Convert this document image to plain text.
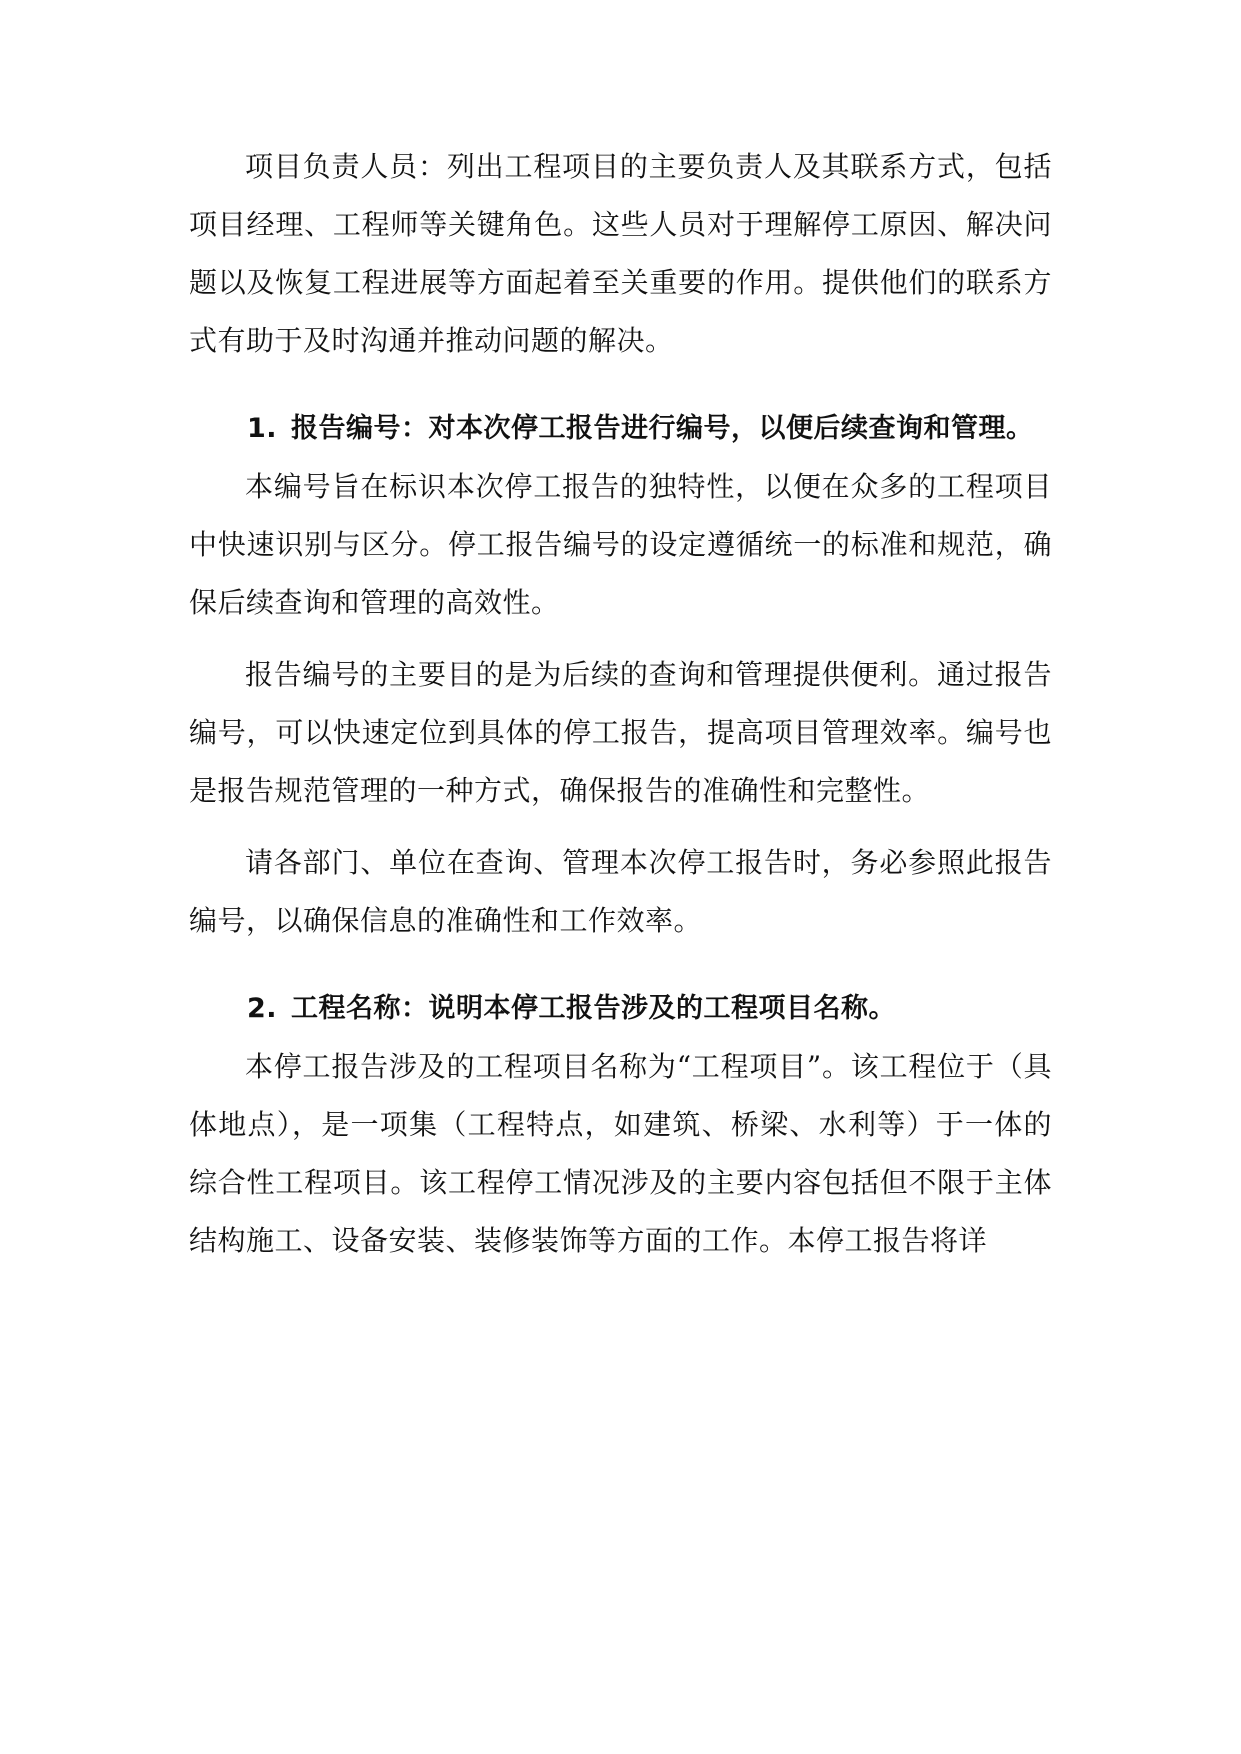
项目负责人员：列出工程项目的主要负责人及其联系方式，包括项目经理、工程师等关键角色。这些人员对于理解停工原因、解决问题以及恢复工程进展等方面起着至关重要的作用。提供他们的联系方式有助于及时沟通并推动问题的解决。

1. 报告编号：对本次停工报告进行编号，以便后续查询和管理。

本编号旨在标识本次停工报告的独特性，以便在众多的工程项目中快速识别与区分。停工报告编号的设定遵循统一的标准和规范，确保后续查询和管理的高效性。

报告编号的主要目的是为后续的查询和管理提供便利。通过报告编号，可以快速定位到具体的停工报告，提高项目管理效率。编号也是报告规范管理的一种方式，确保报告的准确性和完整性。

请各部门、单位在查询、管理本次停工报告时，务必参照此报告编号，以确保信息的准确性和工作效率。

2. 工程名称：说明本停工报告涉及的工程项目名称。

本停工报告涉及的工程项目名称为“工程项目”。该工程位于（具体地点），是一项集（工程特点，如建筑、桥梁、水利等）于一体的综合性工程项目。该工程停工情况涉及的主要内容包括但不限于主体结构施工、设备安装、装修装饰等方面的工作。本停工报告将详
